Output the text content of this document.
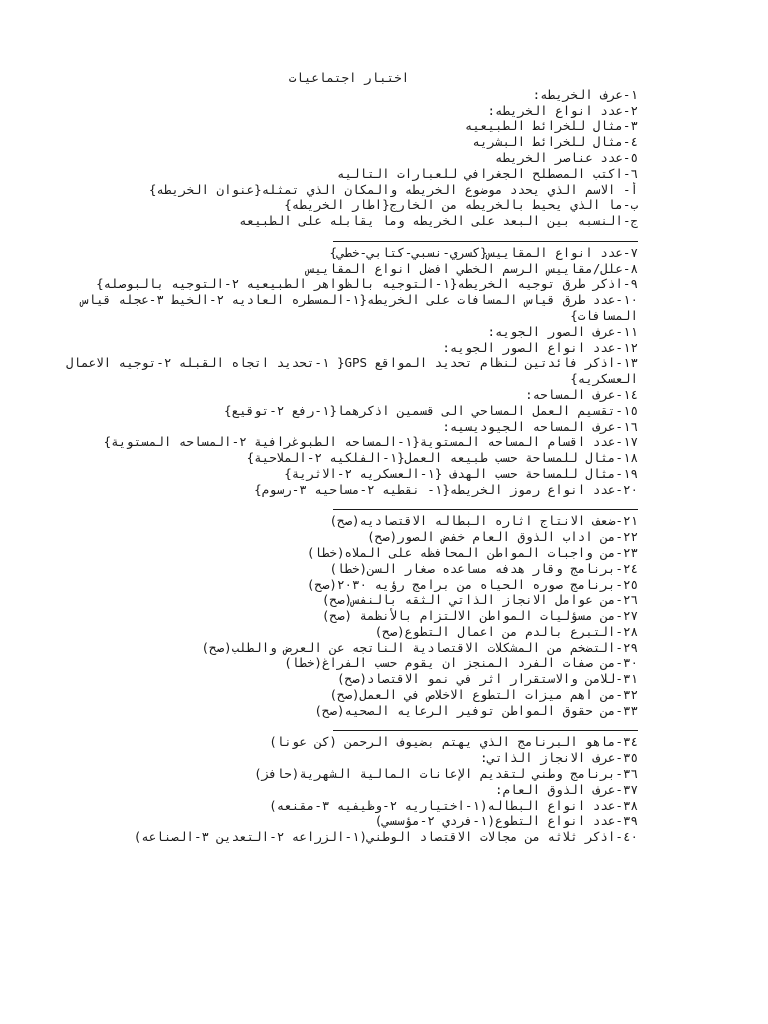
اختبار اجتماعيات
١-عرف الخريطه:
٢-عدد انواع الخريطه:
٣-مثال للخرائط الطبيعيه
٤-مثال للخرائط البشريه
٥-عدد عناصر الخريطه
٦-اكتب المصطلح الجغرافي للعبارات التاليه
أ- الاسم الذي يحدد موضوع الخريطه والمكان الذي تمثله{عنوان الخريطه}
ب-ما الذي يحيط بالخريطه من الخارج{اطار الخريطه}
ج-النسبه بين البعد على الخريطه وما يقابله على الطبيعه
٧-عدد انواع المقاييس{كسري-نسبي-كتابي-خطي}
٨-علل/مقاييس الرسم الخطي افضل انواع المقاييس
٩-اذكر طرق توجيه الخريطه{١-التوجيه بالظواهر الطبيعيه ٢-التوجيه بالبوصله}
١٠-عدد طرق قياس المسافات على الخريطه{١-المسطره العاديه ٢-الخيط ٣-عجله قياس المسافات}
١١-عرف الصور الجويه:
١٢-عدد انواع الصور الجويه:
١٣-اذكر فائدتين لنظام تحديد المواقع GPS{ ١-تحديد اتجاه القبله ٢-توجيه الاعمال العسكريه}
١٤-عرف المساحه:
١٥-تقسيم العمل المساحي الى قسمين اذكرهما{١-رفع ٢-توقيع}
١٦-عرف المساحه الجيوديسيه:
١٧-عدد اقسام المساحه المستوية{١-المساحه الطبوغرافية ٢-المساحه المستوية}
١٨-مثال للمساحة حسب طبيعه العمل{١-الفلكيه ٢-الملاحية}
١٩-مثال للمساحة حسب الهدف {١-العسكريه ٢-الاثرية}
٢٠-عدد انواع رموز الخريطه{١- نقطيه ٢-مساحيه ٣-رسوم}
٢١-ضعف الانتاج اثاره البطاله الاقتصاديه(صح)
٢٢-من اداب الذوق العام خفض الصور(صح)
٢٣-من واجبات المواطن المحافظه على الملاه(خطا)
٢٤-برنامج وقار هدفه مساعده صغار السن(خطا)
٢٥-برنامج صوره الحياه من برامج رؤيه ٢٠٣٠(صح)
٢٦-من عوامل الانجاز الذاتي الثقه بالنفس(صح)
٢٧-من مسؤليات المواطن الالتزام بالأنظمة (صح)
٢٨-التبرع بالدم من اعمال التطوع(صح)
٢٩-التضخم من المشكلات الاقتصادية الناتجه عن العرض والطلب(صح)
٣٠-من صفات الفرد المنجز ان يقوم حسب الفراغ(خطا)
٣١-للامن والاستقرار اثر في نمو الاقتصاد(صح)
٣٢-من اهم ميزات التطوع الاخلاص في العمل(صح)
٣٣-من حقوق المواطن توفير الرعايه الصحيه(صح)
٣٤-ماهو البرنامج الذي يهتم بضيوف الرحمن (كن عونا)
٣٥-عرف الانجاز الذاتي:
٣٦-برنامج وطني لتقديم الإعانات المالية الشهرية(حافز)
٣٧-عرف الذوق العام:
٣٨-عدد انواع البطاله(١-اختياريه ٢-وظيفيه ٣-مقنعه)
٣٩-عدد انواع التطوع(١-فردي ٢-مؤسسي)
٤٠-اذكر ثلاثه من مجالات الاقتصاد الوطني(١-الزراعه ٢-التعدين ٣-الصناعه)
